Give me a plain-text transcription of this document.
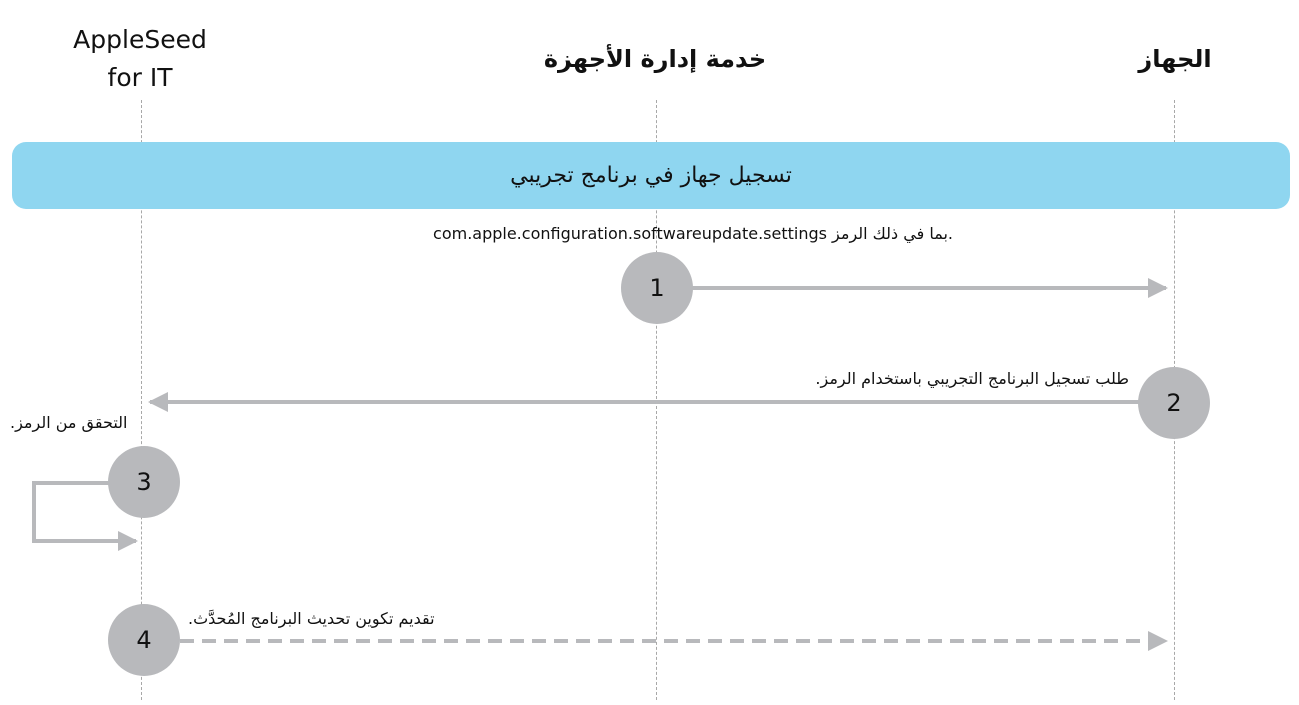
AppleSeed
for IT
خدمة إدارة الأجهزة	الجهاز
تسجيل جهاز في برنامج تجريبي
com.apple.configuration.softwareupdate.settings بما في ذلك الرمز.
طلب تسجيل البرنامج التجريبي باستخدام الرمز.
التحقق من الرمز.
تقديم تكوين تحديث البرنامج المُحدَّث.
1
2
3
4
